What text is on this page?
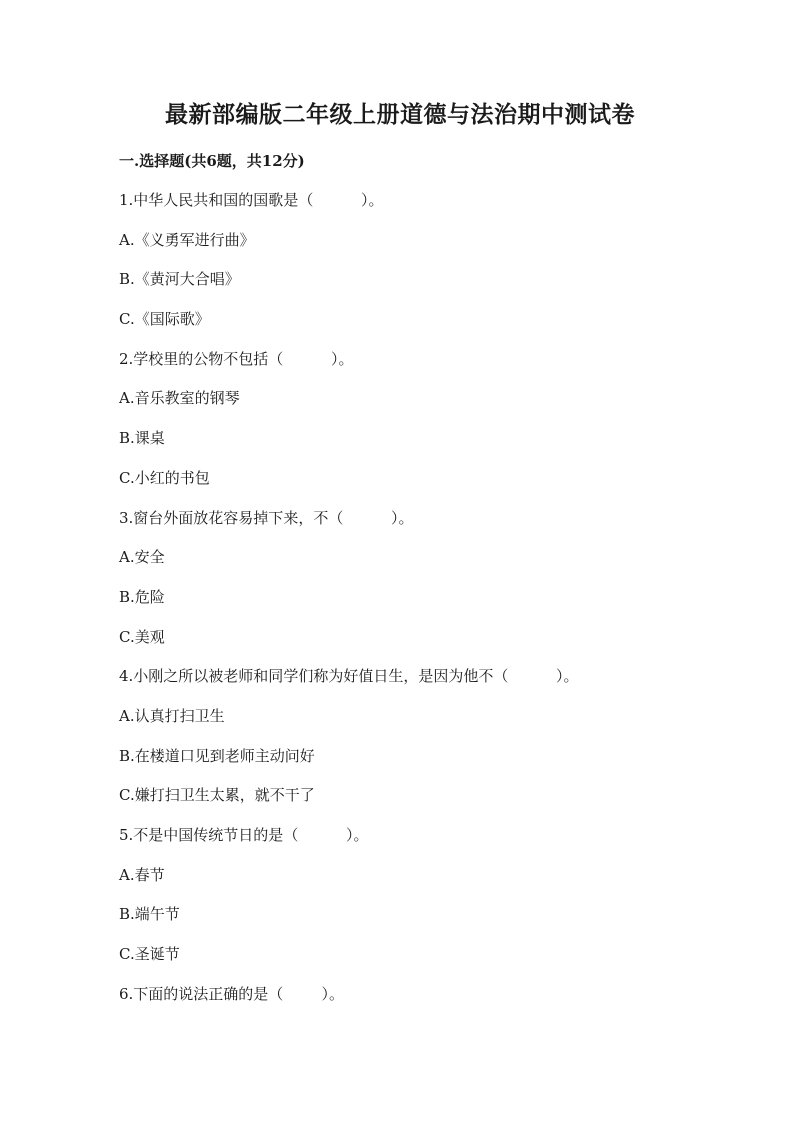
最新部编版二年级上册道德与法治期中测试卷
一.选择题(共6题，共12分)
1.中华人民共和国的国歌是（          ）。
A.《义勇军进行曲》
B.《黄河大合唱》
C.《国际歌》
2.学校里的公物不包括（          ）。
A.音乐教室的钢琴
B.课桌
C.小红的书包
3.窗台外面放花容易掉下来，不（          ）。
A.安全
B.危险
C.美观
4.小刚之所以被老师和同学们称为好值日生，是因为他不（          ）。
A.认真打扫卫生
B.在楼道口见到老师主动问好
C.嫌打扫卫生太累，就不干了
5.不是中国传统节日的是（          ）。
A.春节
B.端午节
C.圣诞节
6.下面的说法正确的是（        ）。
